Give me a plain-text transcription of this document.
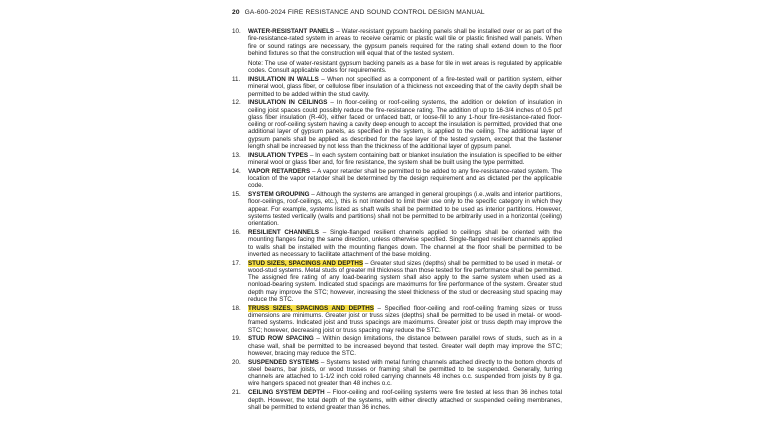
20 GA-600-2024 FIRE RESISTANCE AND SOUND CONTROL DESIGN MANUAL
10.	WATER-RESISTANT PANELS – Water-resistant gypsum backing panels shall be installed over or as part of the fire-resistance-rated system in areas to receive ceramic or plastic wall tile or plastic finished wall panels. When fire or sound ratings are necessary, the gypsum panels required for the rating shall extend down to the floor behind fixtures so that the construction will equal that of the tested system.
Note: The use of water-resistant gypsum backing panels as a base for tile in wet areas is regulated by applicable codes. Consult applicable codes for requirements.
11.	INSULATION IN WALLS – When not specified as a component of a fire-tested wall or partition system, either mineral wool, glass fiber, or cellulose fiber insulation of a thickness not exceeding that of the cavity depth shall be permitted to be added within the stud cavity.
12.	INSULATION IN CEILINGS – In floor-ceiling or roof-ceiling systems, the addition or deletion of insulation in ceiling joist spaces could possibly reduce the fire-resistance rating. The addition of up to 16-3/4 inches of 0.5 pcf glass fiber insulation (R-40), either faced or unfaced batt, or loose-fill to any 1-hour fire-resistance-rated floor-ceiling or roof-ceiling system having a cavity deep enough to accept the insulation is permitted, provided that one additional layer of gypsum panels, as specified in the system, is applied to the ceiling. The additional layer of gypsum panels shall be applied as described for the face layer of the tested system, except that the fastener length shall be increased by not less than the thickness of the additional layer of gypsum panel.
13.	INSULATION TYPES – In each system containing batt or blanket insulation the insulation is specified to be either mineral wool or glass fiber and, for fire resistance, the system shall be built using the type permitted.
14.	VAPOR RETARDERS – A vapor retarder shall be permitted to be added to any fire-resistance-rated system. The location of the vapor retarder shall be determined by the design requirement and as dictated per the applicable code.
15.	SYSTEM GROUPING – Although the systems are arranged in general groupings (i.e.,walls and interior partitions, floor-ceilings, roof-ceilings, etc.), this is not intended to limit their use only to the specific category in which they appear. For example, systems listed as shaft walls shall be permitted to be used as interior partitions. However, systems tested vertically (walls and partitions) shall not be permitted to be arbitrarily used in a horizontal (ceiling) orientation.
16.	RESILIENT CHANNELS – Single-flanged resilient channels applied to ceilings shall be oriented with the mounting flanges facing the same direction, unless otherwise specified. Single-flanged resilient channels applied to walls shall be installed with the mounting flanges down. The channel at the floor shall be permitted to be inverted as necessary to facilitate attachment of the base molding.
17.	STUD SIZES, SPACINGS AND DEPTHS – Greater stud sizes (depths) shall be permitted to be used in metal- or wood-stud systems. Metal studs of greater mil thickness than those tested for fire performance shall be permitted. The assigned fire rating of any load-bearing system shall also apply to the same system when used as a nonload-bearing system. Indicated stud spacings are maximums for fire performance of the system. Greater stud depth may improve the STC; however, increasing the steel thickness of the stud or decreasing stud spacing may reduce the STC.
18.	TRUSS SIZES, SPACINGS AND DEPTHS – Specified floor-ceiling and roof-ceiling framing sizes or truss dimensions are minimums. Greater joist or truss sizes (depths) shall be permitted to be used in metal- or wood-framed systems. Indicated joist and truss spacings are maximums. Greater joist or truss depth may improve the STC; however, decreasing joist or truss spacing may reduce the STC.
19.	STUD ROW SPACING – Within design limitations, the distance between parallel rows of studs, such as in a chase wall, shall be permitted to be increased beyond that tested. Greater wall depth may improve the STC; however, bracing may reduce the STC.
20.	SUSPENDED SYSTEMS – Systems tested with metal furring channels attached directly to the bottom chords of steel beams, bar joists, or wood trusses or framing shall be permitted to be suspended. Generally, furring channels are attached to 1-1/2 inch cold rolled carrying channels 48 inches o.c. suspended from joists by 8 ga. wire hangers spaced not greater than 48 inches o.c.
21.	CEILING SYSTEM DEPTH – Floor-ceiling and roof-ceiling systems were fire tested at less than 36 inches total depth. However, the total depth of the systems, with either directly attached or suspended ceiling membranes, shall be permitted to extend greater than 36 inches.
